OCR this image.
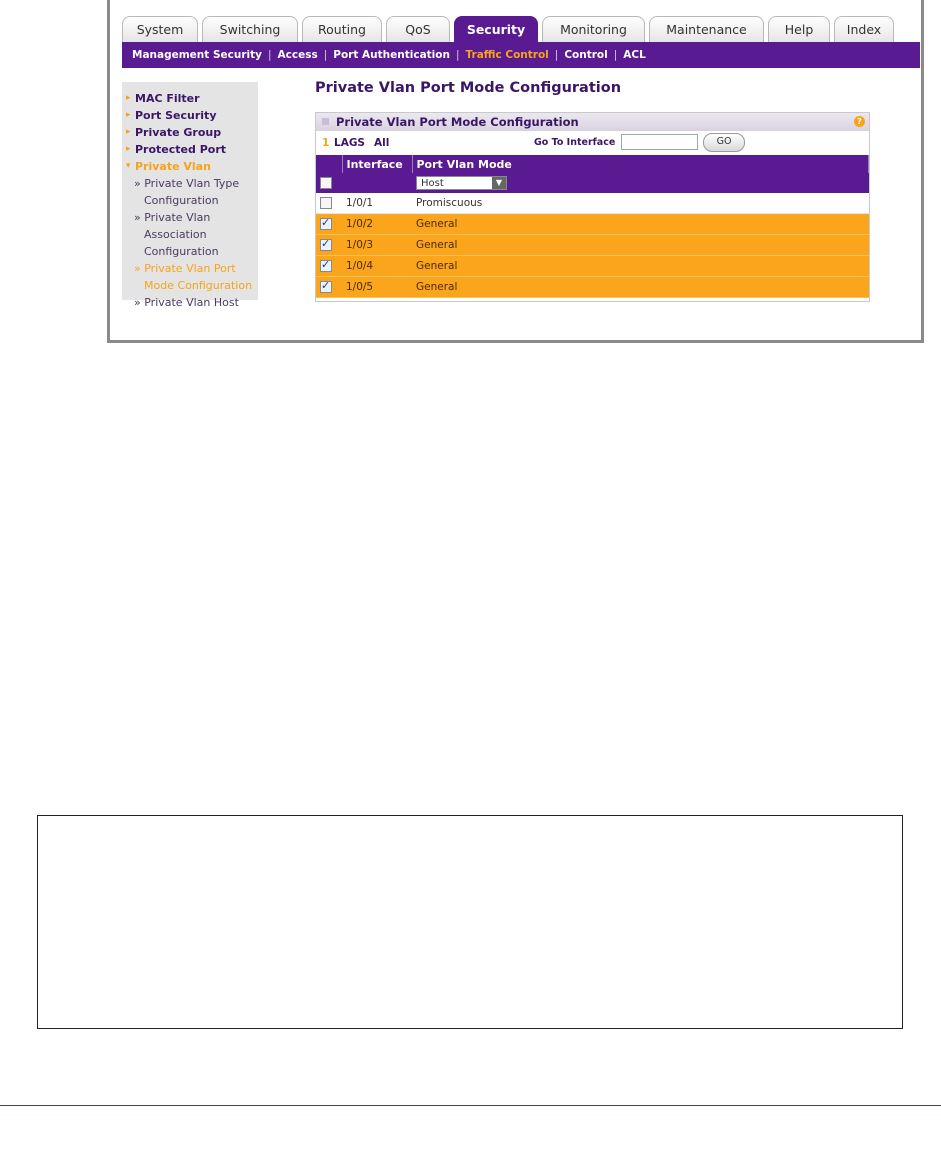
System	Switching	Routing	QoS	Security	Monitoring	Maintenance	Help	Index
Management Security | Access | Port Authentication | Traffic Control | Control | ACL
▸ MAC Filter
▸ Port Security
▸ Private Group
▸ Protected Port
▾ Private Vlan
» Private Vlan Type Configuration
» Private Vlan Association Configuration
» Private Vlan Port Mode Configuration
» Private Vlan Host
Private Vlan Port Mode Configuration
Private Vlan Port Mode Configuration	?
1 LAGS All	Go To Interface	GO
	Interface	Port Vlan Mode

		Host ▼

	1/0/1	Promiscuous
✓	1/0/2	General
✓	1/0/3	General
✓	1/0/4	General
✓	1/0/5	General
